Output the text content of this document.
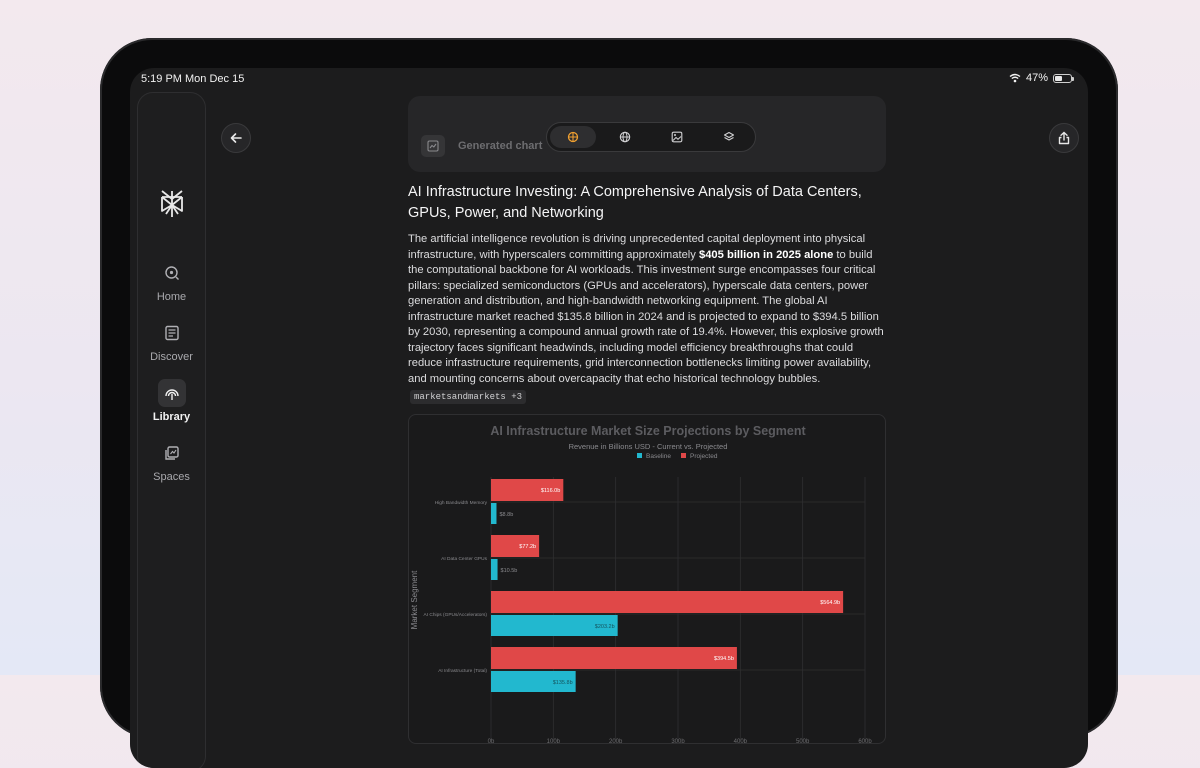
5:19 PM Mon Dec 15	47%
Home
Discover
Library
Spaces
Generated chart
AI Infrastructure Investing: A Comprehensive Analysis of Data Centers, GPUs, Power, and Networking
The artificial intelligence revolution is driving unprecedented capital deployment into physical infrastructure, with hyperscalers committing approximately $405 billion in 2025 alone to build the computational backbone for AI workloads. This investment surge encompasses four critical pillars: specialized semiconductors (GPUs and accelerators), hyperscale data centers, power generation and distribution, and high-bandwidth networking equipment. The global AI infrastructure market reached $135.8 billion in 2024 and is projected to expand to $394.5 billion by 2030, representing a compound annual growth rate of 19.4%. However, this explosive growth trajectory faces significant headwinds, including model efficiency breakthroughs that could reduce infrastructure requirements, grid interconnection bottlenecks limiting power availability, and mounting concerns about overcapacity that echo historical technology bubbles.
marketsandmarkets +3
AI Infrastructure Market Size Projections by Segment
Revenue in Billions USD - Current vs. Projected
Baseline	Projected
0b	100b	200b	300b	400b	500b	600b
Market Segment
High Bandwidth Memory
$116.0b
$8.8b
AI Data Center GPUs
$77.2b
$10.5b
AI Chips (GPUs/Accelerators)
$564.9b
$203.2b
AI Infrastructure (Total)
$394.5b
$135.8b
